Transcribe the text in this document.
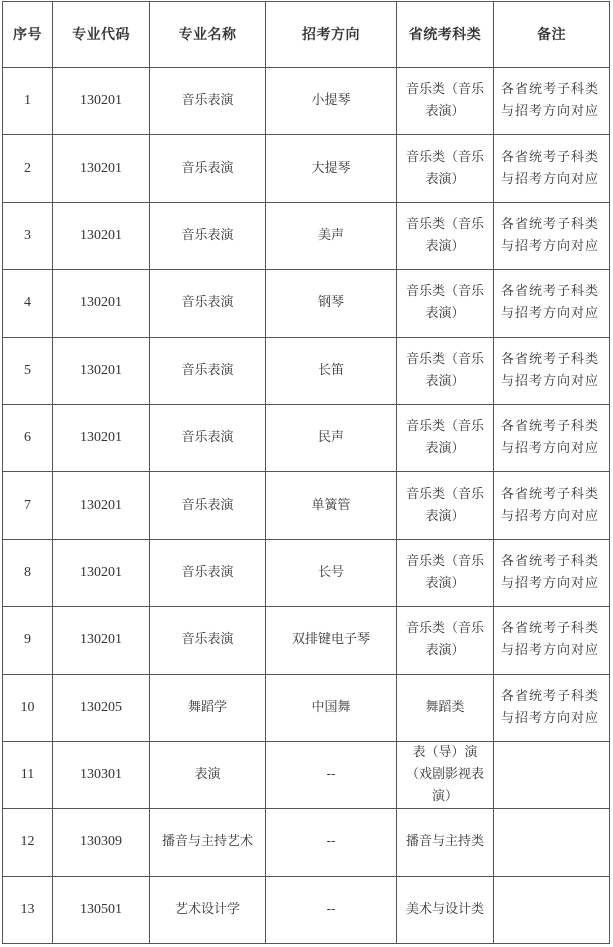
序号	专业代码	专业名称	招考方向	省统考科类	备注
1	130201	音乐表演	小提琴	音乐类（音乐表演）	各省统考子科类与招考方向对应
2	130201	音乐表演	大提琴	音乐类（音乐表演）	各省统考子科类与招考方向对应
3	130201	音乐表演	美声	音乐类（音乐表演）	各省统考子科类与招考方向对应
4	130201	音乐表演	钢琴	音乐类（音乐表演）	各省统考子科类与招考方向对应
5	130201	音乐表演	长笛	音乐类（音乐表演）	各省统考子科类与招考方向对应
6	130201	音乐表演	民声	音乐类（音乐表演）	各省统考子科类与招考方向对应
7	130201	音乐表演	单簧管	音乐类（音乐表演）	各省统考子科类与招考方向对应
8	130201	音乐表演	长号	音乐类（音乐表演）	各省统考子科类与招考方向对应
9	130201	音乐表演	双排键电子琴	音乐类（音乐表演）	各省统考子科类与招考方向对应
10	130205	舞蹈学	中国舞	舞蹈类	各省统考子科类与招考方向对应
11	130301	表演	--	表（导）演（戏剧影视表演）	
12	130309	播音与主持艺术	--	播音与主持类	
13	130501	艺术设计学	--	美术与设计类	
